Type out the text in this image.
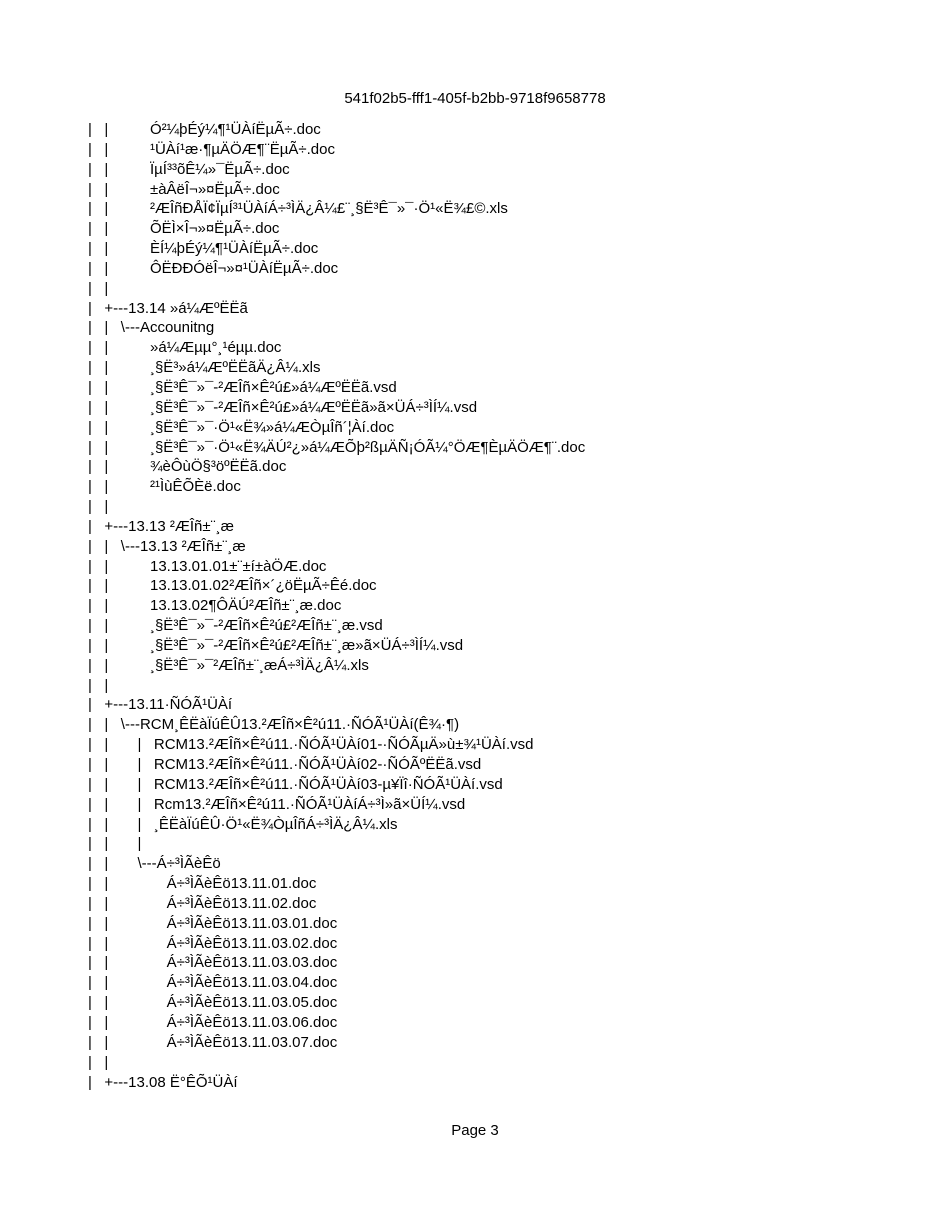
541f02b5-fff1-405f-b2bb-9718f9658778
|   |          Ó²¼þÉý¼¶¹ÜÀíËµÃ÷.doc
|   |          ¹ÜÀí¹æ·¶µÄÖÆ¶¨ËµÃ÷.doc
|   |          ÏµÍ³³õÊ¼»¯ËµÃ÷.doc
|   |          ±àÂëÎ¬»¤ËµÃ÷.doc
|   |          ²ÆÎñÐÅÏ¢ÏµÍ³¹ÜÀíÁ÷³ÌÄ¿Â¼£¨¸§Ë³Ê¯»¯·Ö¹«Ë¾£©.xls
|   |          ÕËÌ×Î¬»¤ËµÃ÷.doc
|   |          ÈÍ¼þÉý¼¶¹ÜÀíËµÃ÷.doc
|   |          ÔËÐÐÓëÎ¬»¤¹ÜÀíËµÃ÷.doc
|   |
|   +---13.14 »á¼ÆºËËã
|   |   \---Accounitng
|   |          »á¼Æµµ°¸¹éµµ.doc
|   |          ¸§Ë³»á¼ÆºËËãÄ¿Â¼.xls
|   |          ¸§Ë³Ê¯»¯-²ÆÎñ×Ê²ú£»á¼ÆºËËã.vsd
|   |          ¸§Ë³Ê¯»¯-²ÆÎñ×Ê²ú£»á¼ÆºËËã»ã×ÜÁ÷³ÌÍ¼.vsd
|   |          ¸§Ë³Ê¯»¯·Ö¹«Ë¾»á¼ÆÒµÎñ´¦Àí.doc
|   |          ¸§Ë³Ê¯»¯·Ö¹«Ë¾ÄÚ²¿»á¼ÆÕþ²ßµÄÑ¡ÓÃ¼°ÖÆ¶ÈµÄÖÆ¶¨.doc
|   |          ¾èÔùÖ§³öºËËã.doc
|   |          ²¹ÌùÊÕÈë.doc
|   |
|   +---13.13 ²ÆÎñ±¨¸æ
|   |   \---13.13 ²ÆÎñ±¨¸æ
|   |          13.13.01.01±¨±í±àÖÆ.doc
|   |          13.13.01.02²ÆÎñ×´¿öËµÃ÷Êé.doc
|   |          13.13.02¶ÔÄÚ²ÆÎñ±¨¸æ.doc
|   |          ¸§Ë³Ê¯»¯-²ÆÎñ×Ê²ú£²ÆÎñ±¨¸æ.vsd
|   |          ¸§Ë³Ê¯»¯-²ÆÎñ×Ê²ú£²ÆÎñ±¨¸æ»ã×ÜÁ÷³ÌÍ¼.vsd
|   |          ¸§Ë³Ê¯»¯²ÆÎñ±¨¸æÁ÷³ÌÄ¿Â¼.xls
|   |
|   +---13.11·ÑÓÃ¹ÜÀí
|   |   \---RCM¸ÊËàÏúÊÛ13.²ÆÎñ×Ê²ú11.·ÑÓÃ¹ÜÀí(Ê¾·¶)
|   |       |   RCM13.²ÆÎñ×Ê²ú11.·ÑÓÃ¹ÜÀí01-·ÑÓÃµÄ»ù±¾¹ÜÀí.vsd
|   |       |   RCM13.²ÆÎñ×Ê²ú11.·ÑÓÃ¹ÜÀí02-·ÑÓÃºËËã.vsd
|   |       |   RCM13.²ÆÎñ×Ê²ú11.·ÑÓÃ¹ÜÀí03-µ¥Ïî·ÑÓÃ¹ÜÀí.vsd
|   |       |   Rcm13.²ÆÎñ×Ê²ú11.·ÑÓÃ¹ÜÀíÁ÷³Ì»ã×ÜÍ¼.vsd
|   |       |   ¸ÊËàÏúÊÛ·Ö¹«Ë¾ÒµÎñÁ÷³ÌÄ¿Â¼.xls
|   |       |
|   |       \---Á÷³ÌÃèÊö
|   |              Á÷³ÌÃèÊö13.11.01.doc
|   |              Á÷³ÌÃèÊö13.11.02.doc
|   |              Á÷³ÌÃèÊö13.11.03.01.doc
|   |              Á÷³ÌÃèÊö13.11.03.02.doc
|   |              Á÷³ÌÃèÊö13.11.03.03.doc
|   |              Á÷³ÌÃèÊö13.11.03.04.doc
|   |              Á÷³ÌÃèÊö13.11.03.05.doc
|   |              Á÷³ÌÃèÊö13.11.03.06.doc
|   |              Á÷³ÌÃèÊö13.11.03.07.doc
|   |
|   +---13.08 Ë°ÊÕ¹ÜÀí
Page 3
